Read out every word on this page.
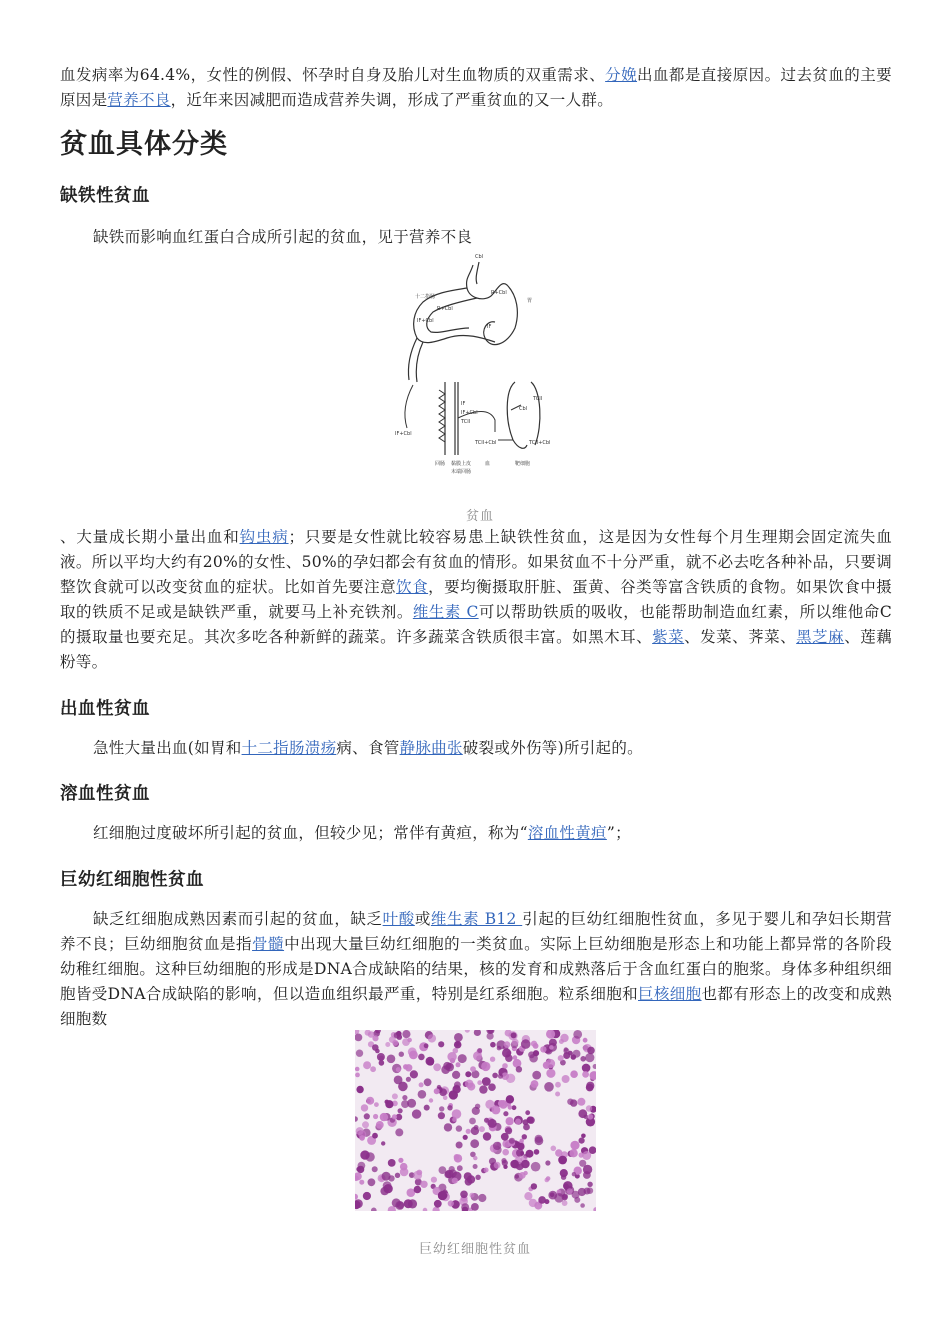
血发病率为64.4%，女性的例假、怀孕时自身及胎儿对生血物质的双重需求、分娩出血都是直接原因。过去贫血的主要原因是营养不良，近年来因减肥而造成营养失调，形成了严重贫血的又一人群。

贫血具体分类
缺铁性贫血

缺铁而影响血红蛋白合成所引起的贫血，见于营养不良

Cbl
十二指肠
胃
R+Cbl
R+Cbl
IF+Cbl
IF
IF+Cbl
IF
IF+Cbl
TCII
TCII+Cbl
Cbl
TCII
TCII+Cbl
回肠 黏膜上皮	血	靶细胞
末端回肠
贫血

、大量成长期小量出血和钩虫病；只要是女性就比较容易患上缺铁性贫血，这是因为女性每个月生理期会固定流失血液。所以平均大约有20%的女性、50%的孕妇都会有贫血的情形。如果贫血不十分严重，就不必去吃各种补品，只要调整饮食就可以改变贫血的症状。比如首先要注意饮食，要均衡摄取肝脏、蛋黄、谷类等富含铁质的食物。如果饮食中摄取的铁质不足或是缺铁严重，就要马上补充铁剂。维生素 C可以帮助铁质的吸收，也能帮助制造血红素，所以维他命C的摄取量也要充足。其次多吃各种新鲜的蔬菜。许多蔬菜含铁质很丰富。如黑木耳、紫菜、发菜、荠菜、黑芝麻、莲藕粉等。

出血性贫血

急性大量出血(如胃和十二指肠溃疡病、食管静脉曲张破裂或外伤等)所引起的。

溶血性贫血

红细胞过度破坏所引起的贫血，但较少见；常伴有黄疸，称为“溶血性黄疸”；

巨幼红细胞性贫血

缺乏红细胞成熟因素而引起的贫血，缺乏叶酸或维生素 B12 引起的巨幼红细胞性贫血，多见于婴儿和孕妇长期营养不良；巨幼细胞贫血是指骨髓中出现大量巨幼红细胞的一类贫血。实际上巨幼细胞是形态上和功能上都异常的各阶段幼稚红细胞。这种巨幼细胞的形成是DNA合成缺陷的结果，核的发育和成熟落后于含血红蛋白的胞浆。身体多种组织细胞皆受DNA合成缺陷的影响，但以造血组织最严重，特别是红系细胞。粒系细胞和巨核细胞也都有形态上的改变和成熟细胞数

巨幼红细胞性贫血
